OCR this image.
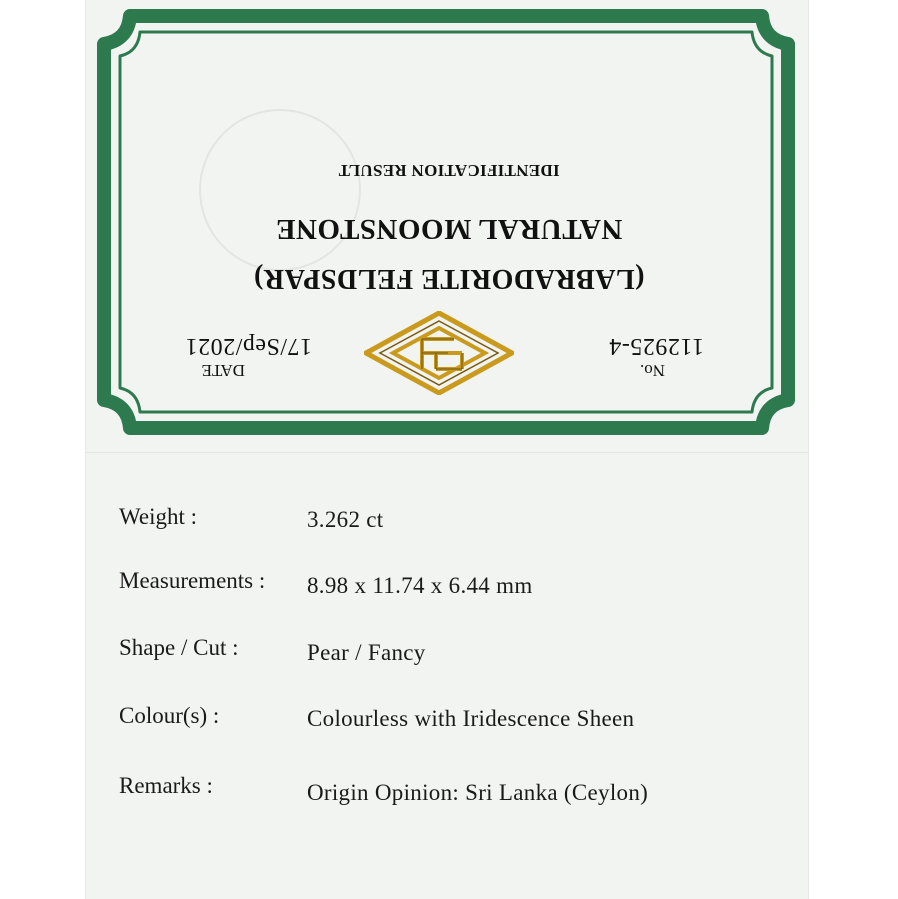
NATURAL MOONSTONE
(LABRADORITE FELDSPAR)
IDENTIFICATION RESULT
DATE
17/Sep/2021
No.
112925-4
Weight :	3.262 ct
Measurements : 8.98 x 11.74 x 6.44 mm
Shape / Cut :	Pear / Fancy
Colour(s) :	Colourless with Iridescence Sheen
Remarks :	Origin Opinion: Sri Lanka (Ceylon)
